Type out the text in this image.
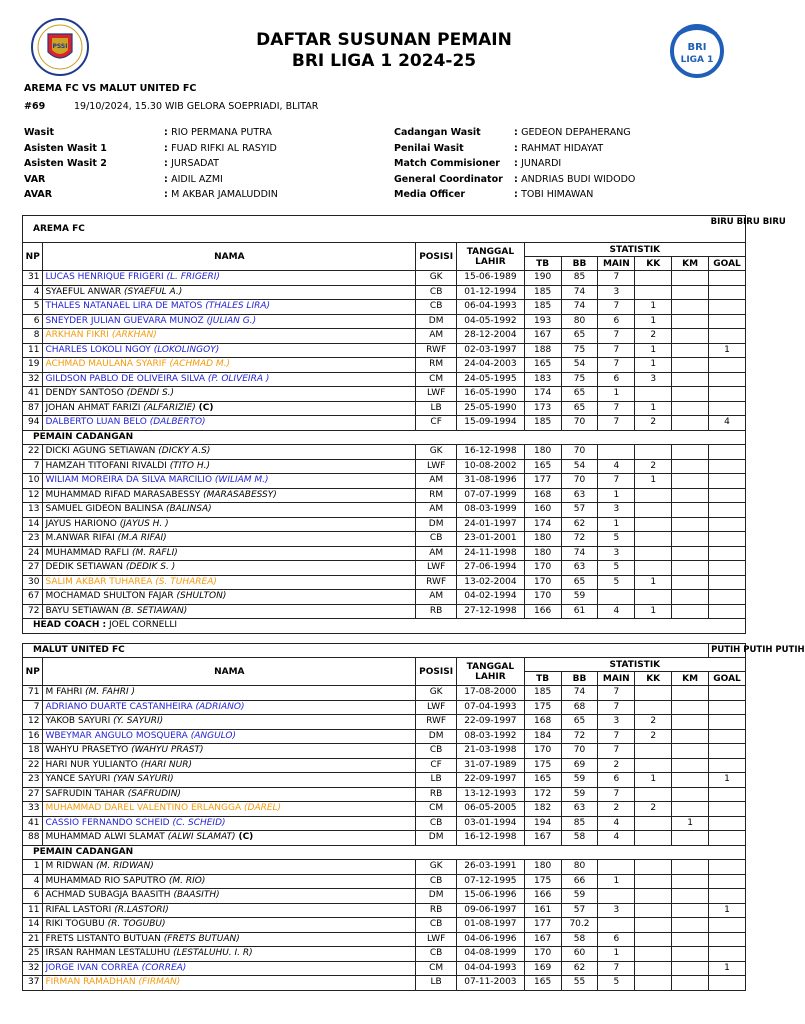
PSSI	BRI
LIGA 1
DAFTAR SUSUNAN PEMAIN
BRI LIGA 1 2024-25
AREMA FC VS MALUT UNITED FC
#69	19/10/2024, 15.30 WIB GELORA SOEPRIADI, BLITAR
Wasit	: RIO PERMANA PUTRA
Asisten Wasit 1	: FUAD RIFKI AL RASYID
Asisten Wasit 2	: JURSADAT
VAR	: AIDIL AZMI
AVAR	: M AKBAR JAMALUDDIN
Cadangan Wasit	: GEDEON DEPAHERANG
Penilai Wasit	: RAHMAT HIDAYAT
Match Commisioner : JUNARDI
General Coordinator : ANDRIAS BUDI WIDODO
Media Officer	: TOBI HIMAWAN
AREMA FC									BIRU BIRU BIRU
NP	NAMA	POSISI	TANGGAL
LAHIR	STATISTIK					
				TB	BB	MAIN	KK	KM	GOAL
31	LUCAS HENRIQUE FRIGERI (L. FRIGERI)	GK	15-06-1989	190	85	7			
4	SYAEFUL ANWAR (SYAEFUL A.)	CB	01-12-1994	185	74	3			
5	THALES NATANAEL LIRA DE MATOS (THALES LIRA)	CB	06-04-1993	185	74	7	1		
6	SNEYDER JULIAN GUEVARA MUNOZ (JULIAN G.)	DM	04-05-1992	193	80	6	1		
8	ARKHAN FIKRI (ARKHAN)	AM	28-12-2004	167	65	7	2		
11	CHARLES LOKOLI NGOY (LOKOLINGOY)	RWF	02-03-1997	188	75	7	1		1
19	ACHMAD MAULANA SYARIF (ACHMAD M.)	RM	24-04-2003	165	54	7	1		
32	GILDSON PABLO DE OLIVEIRA SILVA (P. OLIVEIRA )	CM	24-05-1995	183	75	6	3		
41	DENDY SANTOSO (DENDI S.)	LWF	16-05-1990	174	65	1			
87	JOHAN AHMAT FARIZI (ALFARIZIE) (C)	LB	25-05-1990	173	65	7	1		
94	DALBERTO LUAN BELO (DALBERTO)	CF	15-09-1994	185	70	7	2		4
PEMAIN CADANGAN									
22	DICKI AGUNG SETIAWAN (DICKY A.S)	GK	16-12-1998	180	70				
7	HAMZAH TITOFANI RIVALDI (TITO H.)	LWF	10-08-2002	165	54	4	2		
10	WILIAM MOREIRA DA SILVA MARCILIO (WILIAM M.)	AM	31-08-1996	177	70	7	1		
12	MUHAMMAD RIFAD MARASABESSY (MARASABESSY)	RM	07-07-1999	168	63	1			
13	SAMUEL GIDEON BALINSA (BALINSA)	AM	08-03-1999	160	57	3			
14	JAYUS HARIONO (JAYUS H. )	DM	24-01-1997	174	62	1			
23	M.ANWAR RIFAI (M.A RIFAI)	CB	23-01-2001	180	72	5			
24	MUHAMMAD RAFLI (M. RAFLI)	AM	24-11-1998	180	74	3			
27	DEDIK SETIAWAN (DEDIK S. )	LWF	27-06-1994	170	63	5			
30	SALIM AKBAR TUHAREA (S. TUHAREA)	RWF	13-02-2004	170	65	5	1		
67	MOCHAMAD SHULTON FAJAR (SHULTON)	AM	04-02-1994	170	59				
72	BAYU SETIAWAN (B. SETIAWAN)	RB	27-12-1998	166	61	4	1		
HEAD COACH : JOEL CORNELLI									
MALUT UNITED FC									PUTIH PUTIH PUTIH
NP	NAMA	POSISI	TANGGAL
LAHIR	STATISTIK					
				TB	BB	MAIN	KK	KM	GOAL
71	M FAHRI (M. FAHRI )	GK	17-08-2000	185	74	7			
7	ADRIANO DUARTE CASTANHEIRA (ADRIANO)	LWF	07-04-1993	175	68	7			
12	YAKOB SAYURI (Y. SAYURI)	RWF	22-09-1997	168	65	3	2		
16	WBEYMAR ANGULO MOSQUERA (ANGULO)	DM	08-03-1992	184	72	7	2		
18	WAHYU PRASETYO (WAHYU PRAST)	CB	21-03-1998	170	70	7			
22	HARI NUR YULIANTO (HARI NUR)	CF	31-07-1989	175	69	2			
23	YANCE SAYURI (YAN SAYURI)	LB	22-09-1997	165	59	6	1		1
27	SAFRUDIN TAHAR (SAFRUDIN)	RB	13-12-1993	172	59	7			
33	MUHAMMAD DAREL VALENTINO ERLANGGA (DAREL)	CM	06-05-2005	182	63	2	2		
41	CASSIO FERNANDO SCHEID (C. SCHEID)	CB	03-01-1994	194	85	4		1	
88	MUHAMMAD ALWI SLAMAT (ALWI SLAMAT) (C)	DM	16-12-1998	167	58	4			
PEMAIN CADANGAN									
1	M RIDWAN (M. RIDWAN)	GK	26-03-1991	180	80				
4	MUHAMMAD RIO SAPUTRO (M. RIO)	CB	07-12-1995	175	66	1			
6	ACHMAD SUBAGJA BAASITH (BAASITH)	DM	15-06-1996	166	59				
11	RIFAL LASTORI (R.LASTORI)	RB	09-06-1997	161	57	3			1
14	RIKI TOGUBU (R. TOGUBU)	CB	01-08-1997	177	70.2				
21	FRETS LISTANTO BUTUAN (FRETS BUTUAN)	LWF	04-06-1996	167	58	6			
25	IRSAN RAHMAN LESTALUHU (LESTALUHU. I. R)	CB	04-08-1999	170	60	1			
32	JORGE IVAN CORREA (CORREA)	CM	04-04-1993	169	62	7			1
37	FIRMAN RAMADHAN (FIRMAN)	LB	07-11-2003	165	55	5			
